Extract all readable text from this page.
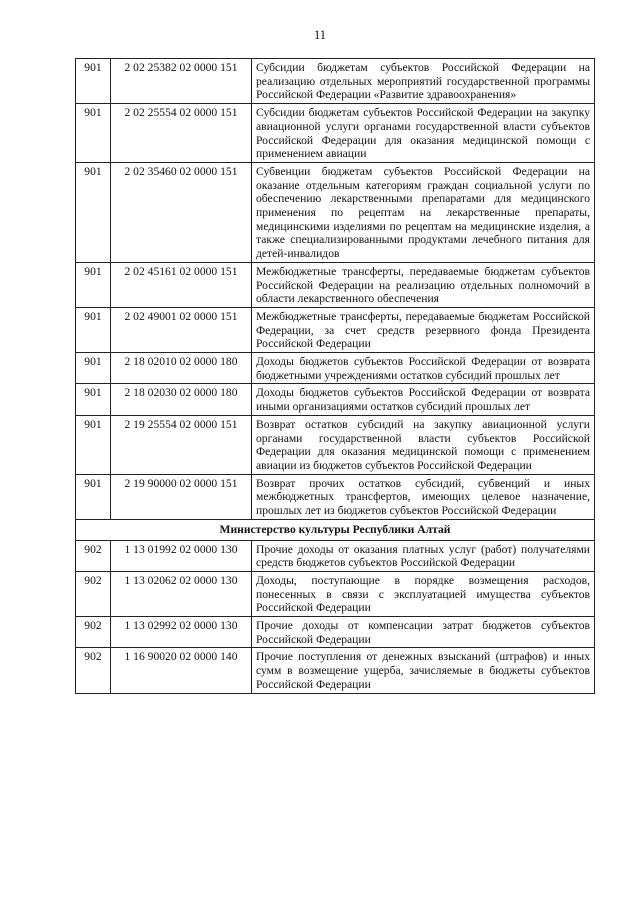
11
901	2 02 25382 02 0000 151	Субсидии бюджетам субъектов Российской Федерации на реализацию отдельных мероприятий государственной программы Российской Федерации «Развитие здравоохранения»
901	2 02 25554 02 0000 151	Субсидии бюджетам субъектов Российской Федерации на закупку авиационной услуги органами государственной власти субъектов Российской Федерации для оказания медицинской помощи с применением авиации
901	2 02 35460 02 0000 151	Субвенции бюджетам субъектов Российской Федерации на оказание отдельным категориям граждан социальной услуги по обеспечению лекарственными препаратами для медицинского применения по рецептам на лекарственные препараты, медицинскими изделиями по рецептам на медицинские изделия, а также специализированными продуктами лечебного питания для детей-инвалидов
901	2 02 45161 02 0000 151	Межбюджетные трансферты, передаваемые бюджетам субъектов Российской Федерации на реализацию отдельных полномочий в области лекарственного обеспечения
901	2 02 49001 02 0000 151	Межбюджетные трансферты, передаваемые бюджетам Российской Федерации, за счет средств резервного фонда Президента Российской Федерации
901	2 18 02010 02 0000 180	Доходы бюджетов субъектов Российской Федерации от возврата бюджетными учреждениями остатков субсидий прошлых лет
901	2 18 02030 02 0000 180	Доходы бюджетов субъектов Российской Федерации от возврата иными организациями остатков субсидий прошлых лет
901	2 19 25554 02 0000 151	Возврат остатков субсидий на закупку авиационной услуги органами государственной власти субъектов Российской Федерации для оказания медицинской помощи с применением авиации из бюджетов субъектов Российской Федерации
901	2 19 90000 02 0000 151	Возврат прочих остатков субсидий, субвенций и иных межбюджетных трансфертов, имеющих целевое назначение, прошлых лет из бюджетов субъектов Российской Федерации
Министерство культуры Республики Алтай		
902	1 13 01992 02 0000 130	Прочие доходы от оказания платных услуг (работ) получателями средств бюджетов субъектов Российской Федерации
902	1 13 02062 02 0000 130	Доходы, поступающие в порядке возмещения расходов, понесенных в связи с эксплуатацией имущества субъектов Российской Федерации
902	1 13 02992 02 0000 130	Прочие доходы от компенсации затрат бюджетов субъектов Российской Федерации
902	1 16 90020 02 0000 140	Прочие поступления от денежных взысканий (штрафов) и иных сумм в возмещение ущерба, зачисляемые в бюджеты субъектов Российской Федерации
